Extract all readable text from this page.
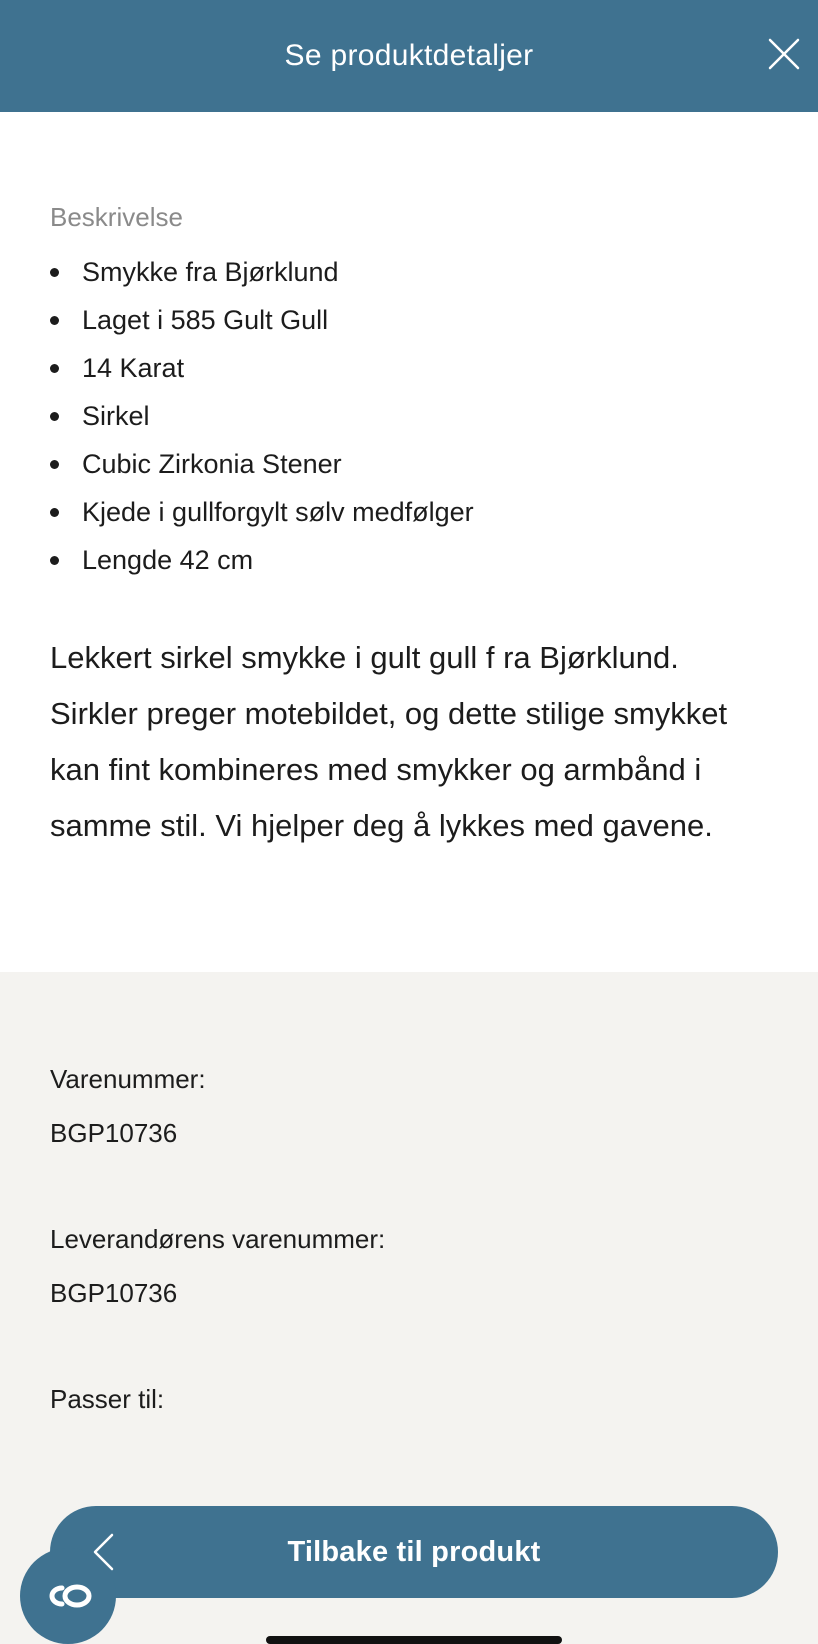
Se produktdetaljer
Beskrivelse
Smykke fra Bjørklund
Laget i 585 Gult Gull
14 Karat
Sirkel
Cubic Zirkonia Stener
Kjede i gullforgylt sølv medfølger
Lengde 42 cm

Lekkert sirkel smykke i gult gull f ra Bjørklund. Sirkler preger motebildet, og dette stilige smykket kan fint kombineres med smykker og armbånd i samme stil. Vi hjelper deg å lykkes med gavene.

Varenummer:
BGP10736
Leverandørens varenummer:
BGP10736
Passer til:
Tilbake til produkt
